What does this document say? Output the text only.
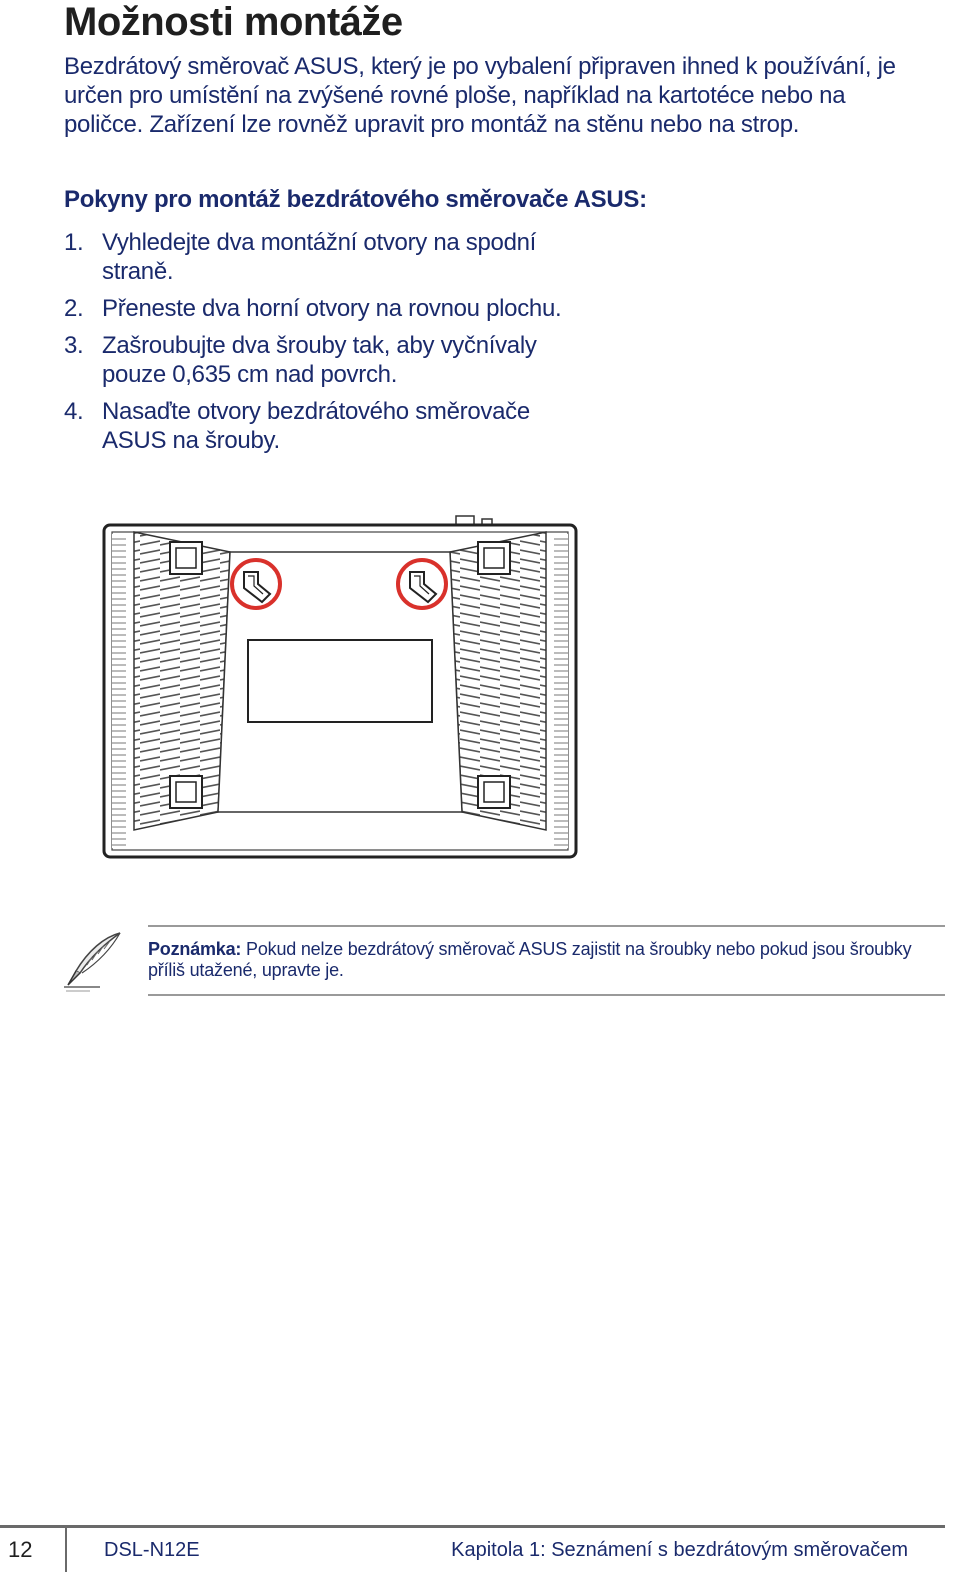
Možnosti montáže

Bezdrátový směrovač ASUS, který je po vybalení připraven ihned k používání, je určen pro umístění na zvýšené rovné ploše, například na kartotéce nebo na poličce. Zařízení lze rovněž upravit pro montáž na stěnu nebo na strop.

Pokyny pro montáž bezdrátového směrovače ASUS:
1. Vyhledejte dva montážní otvory na spodní straně.
2. Přeneste dva horní otvory na rovnou plochu.
3. Zašroubujte dva šrouby tak, aby vyčnívaly pouze 0,635 cm nad povrch.
4. Nasaďte otvory bezdrátového směrovače ASUS na šrouby.
Poznámka: Pokud nelze bezdrátový směrovač ASUS zajistit na šroubky nebo pokud jsou šroubky příliš utažené, upravte je.
12	DSL-N12E	Kapitola 1: Seznámení s bezdrátovým směrovačem
